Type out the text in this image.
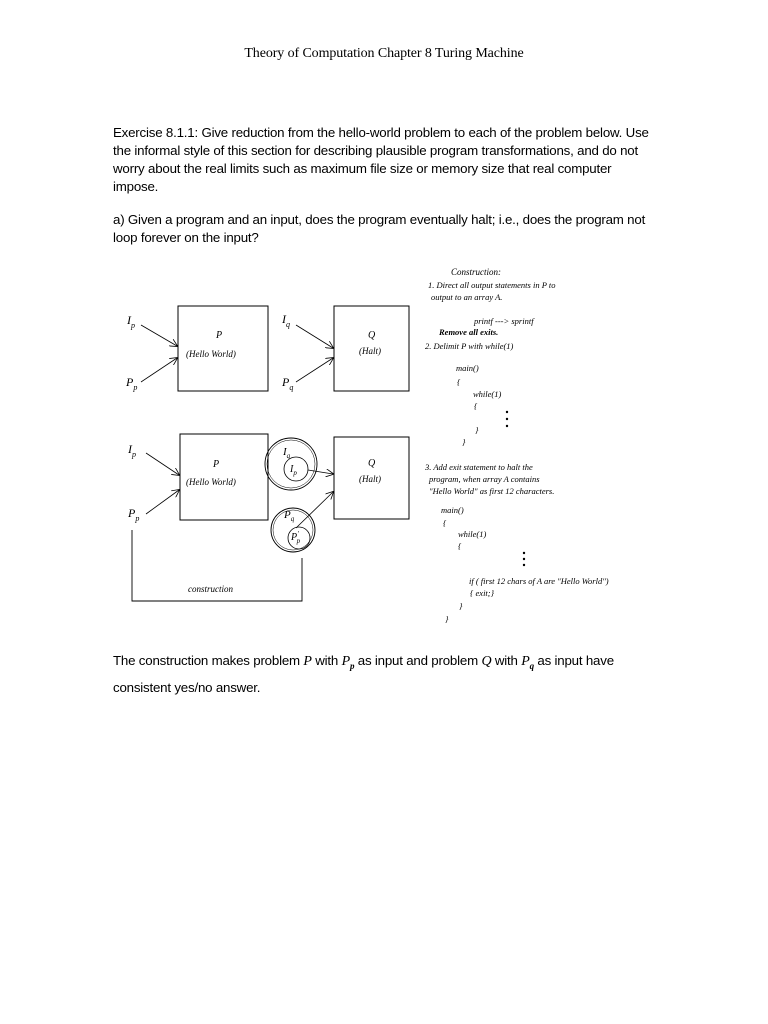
Theory of Computation Chapter 8 Turing Machine
Exercise 8.1.1: Give reduction from the hello-world problem to each of the problem below. Use the informal style of this section for describing plausible program transformations, and do not worry about the real limits such as maximum file size or memory size that real computer impose.
a) Given a program and an input, does the program eventually halt; i.e., does the program not loop forever on the input?
P
(Hello World)
Q
(Halt)
$I_p$
$P_p$
$I_q$
$P_q$
P
(Hello World)
Q
(Halt)
$I_p$
$P_p$
$I_q$
$I_p$
$P_q$
P' p
construction
Construction:
1. Direct all output statements in P to
output to an array A.
printf ---> sprintf
Remove all exits.
2. Delimit P with while(1)
main()
{
while(1)
{
}
}
3. Add exit statement to halt the
program, when array A contains
"Hello World" as first 12 characters.
main()
{
while(1)
{
if ( first 12 chars of A are "Hello World")
{ exit;}
}
}
The construction makes problem P with $P_p$ as input and problem Q with $P_q$ as input have consistent yes/no answer.
